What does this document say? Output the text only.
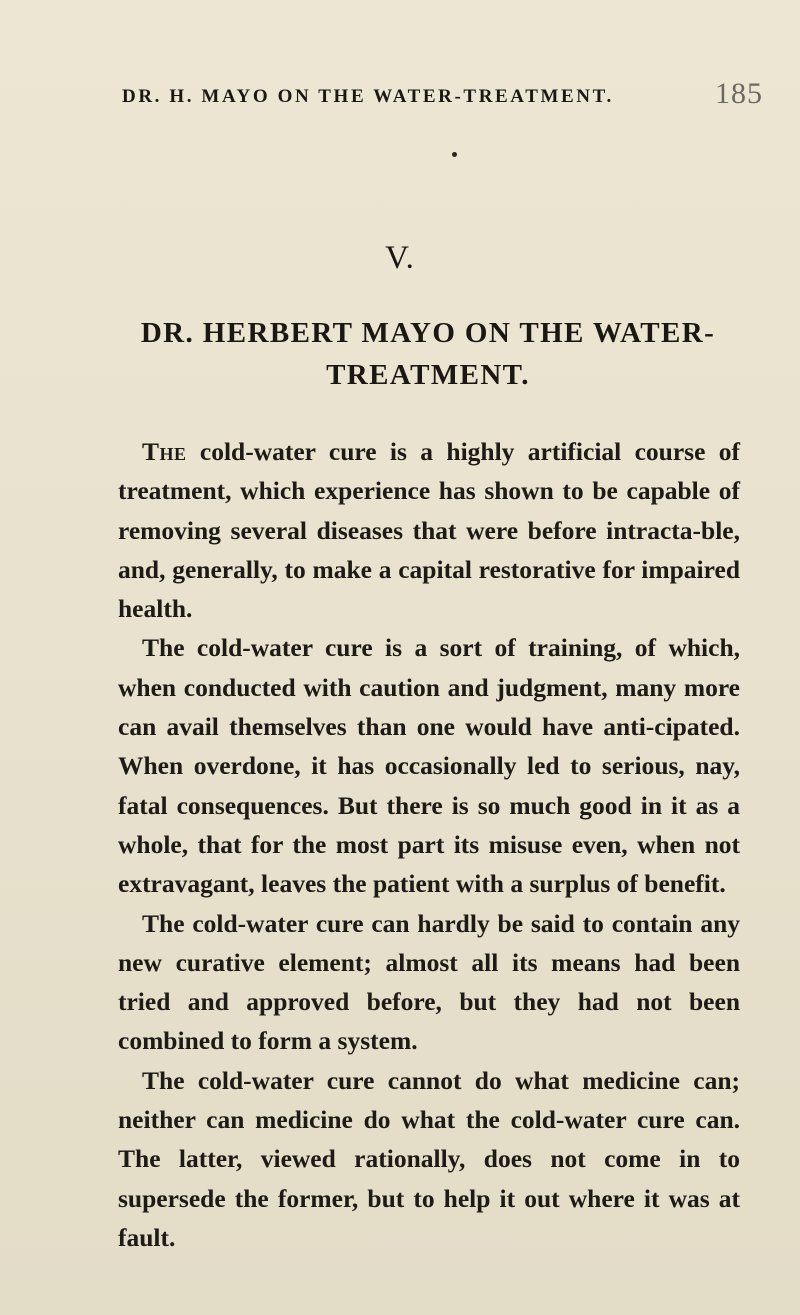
DR. H. MAYO ON THE WATER-TREATMENT.	185
V.
DR. HERBERT MAYO ON THE WATER-TREATMENT.

The cold-water cure is a highly artificial course of treatment, which experience has shown to be capable of removing several diseases that were before intracta-ble, and, generally, to make a capital restorative for impaired health.

The cold-water cure is a sort of training, of which, when conducted with caution and judgment, many more can avail themselves than one would have anti-cipated. When overdone, it has occasionally led to serious, nay, fatal consequences. But there is so much good in it as a whole, that for the most part its misuse even, when not extravagant, leaves the patient with a surplus of benefit.

The cold-water cure can hardly be said to contain any new curative element; almost all its means had been tried and approved before, but they had not been combined to form a system.

The cold-water cure cannot do what medicine can; neither can medicine do what the cold-water cure can. The latter, viewed rationally, does not come in to supersede the former, but to help it out where it was at fault.
